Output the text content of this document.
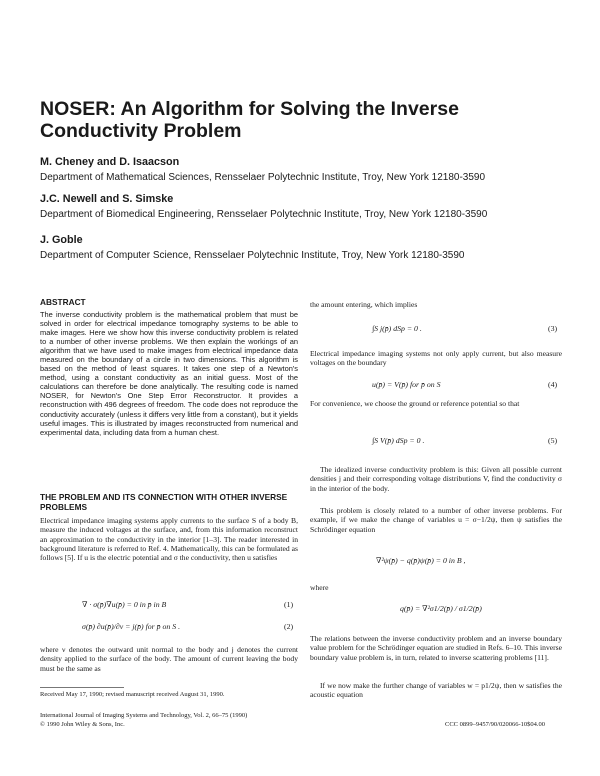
NOSER: An Algorithm for Solving the Inverse Conductivity Problem
M. Cheney and D. Isaacson
Department of Mathematical Sciences, Rensselaer Polytechnic Institute, Troy, New York 12180-3590
J.C. Newell and S. Simske
Department of Biomedical Engineering, Rensselaer Polytechnic Institute, Troy, New York 12180-3590
J. Goble
Department of Computer Science, Rensselaer Polytechnic Institute, Troy, New York 12180-3590
ABSTRACT
The inverse conductivity problem is the mathematical problem that must be solved in order for electrical impedance tomography systems to be able to make images. Here we show how this inverse conductivity problem is related to a number of other inverse problems. We then explain the workings of an algorithm that we have used to make images from electrical impedance data measured on the boundary of a circle in two dimensions. This algorithm is based on the method of least squares. It takes one step of a Newton's method, using a constant conductivity as an initial guess. Most of the calculations can therefore be done analytically. The resulting code is named NOSER, for Newton's One Step Error Reconstructor. It provides a reconstruction with 496 degrees of freedom. The code does not reproduce the conductivity accurately (unless it differs very little from a constant), but it yields useful images. This is illustrated by images reconstructed from numerical and experimental data, including data from a human chest.
THE PROBLEM AND ITS CONNECTION WITH OTHER INVERSE PROBLEMS
Electrical impedance imaging systems apply currents to the surface S of a body B, measure the induced voltages at the surface, and, from this information reconstruct an approximation to the conductivity in the interior [1–3]. The reader interested in background literature is referred to Ref. 4. Mathematically, this can be formulated as follows [5]. If u is the electric potential and σ the conductivity, then u satisfies
∇ · σ(p̄)∇u(p̄) = 0 in p̄ in B	(1)
σ(p̄) ∂u(p̄)/∂ν = j(p̄) for p̄ on S .	(2)
where ν denotes the outward unit normal to the body and j denotes the current density applied to the surface of the body. The amount of current leaving the body must be the same as
Received May 17, 1990; revised manuscript received August 31, 1990.
International Journal of Imaging Systems and Technology, Vol. 2, 66–75 (1990)
© 1990 John Wiley & Sons, Inc.	CCC 0899–9457/90/020066-10$04.00
the amount entering, which implies
∫S j(p̄) dSp = 0 .	(3)
Electrical impedance imaging systems not only apply current, but also measure voltages on the boundary
u(p̄) = V(p̄) for p̄ on S	(4)
For convenience, we choose the ground or reference potential so that
∫S V(p̄) dSp = 0 .	(5)
The idealized inverse conductivity problem is this: Given all possible current densities j and their corresponding voltage distributions V, find the conductivity σ in the interior of the body.
This problem is closely related to a number of other inverse problems. For example, if we make the change of variables u = σ−1/2ψ, then ψ satisfies the Schrödinger equation
∇²ψ(p̄) − q(p̄)ψ(p̄) = 0 in B ,
where
q(p̄) = ∇²σ1/2(p̄) / σ1/2(p̄)
The relations between the inverse conductivity problem and an inverse boundary value problem for the Schrödinger equation are studied in Refs. 6–10. This inverse boundary value problem is, in turn, related to inverse scattering problems [11].
If we now make the further change of variables w = p1/2ψ, then w satisfies the acoustic equation
